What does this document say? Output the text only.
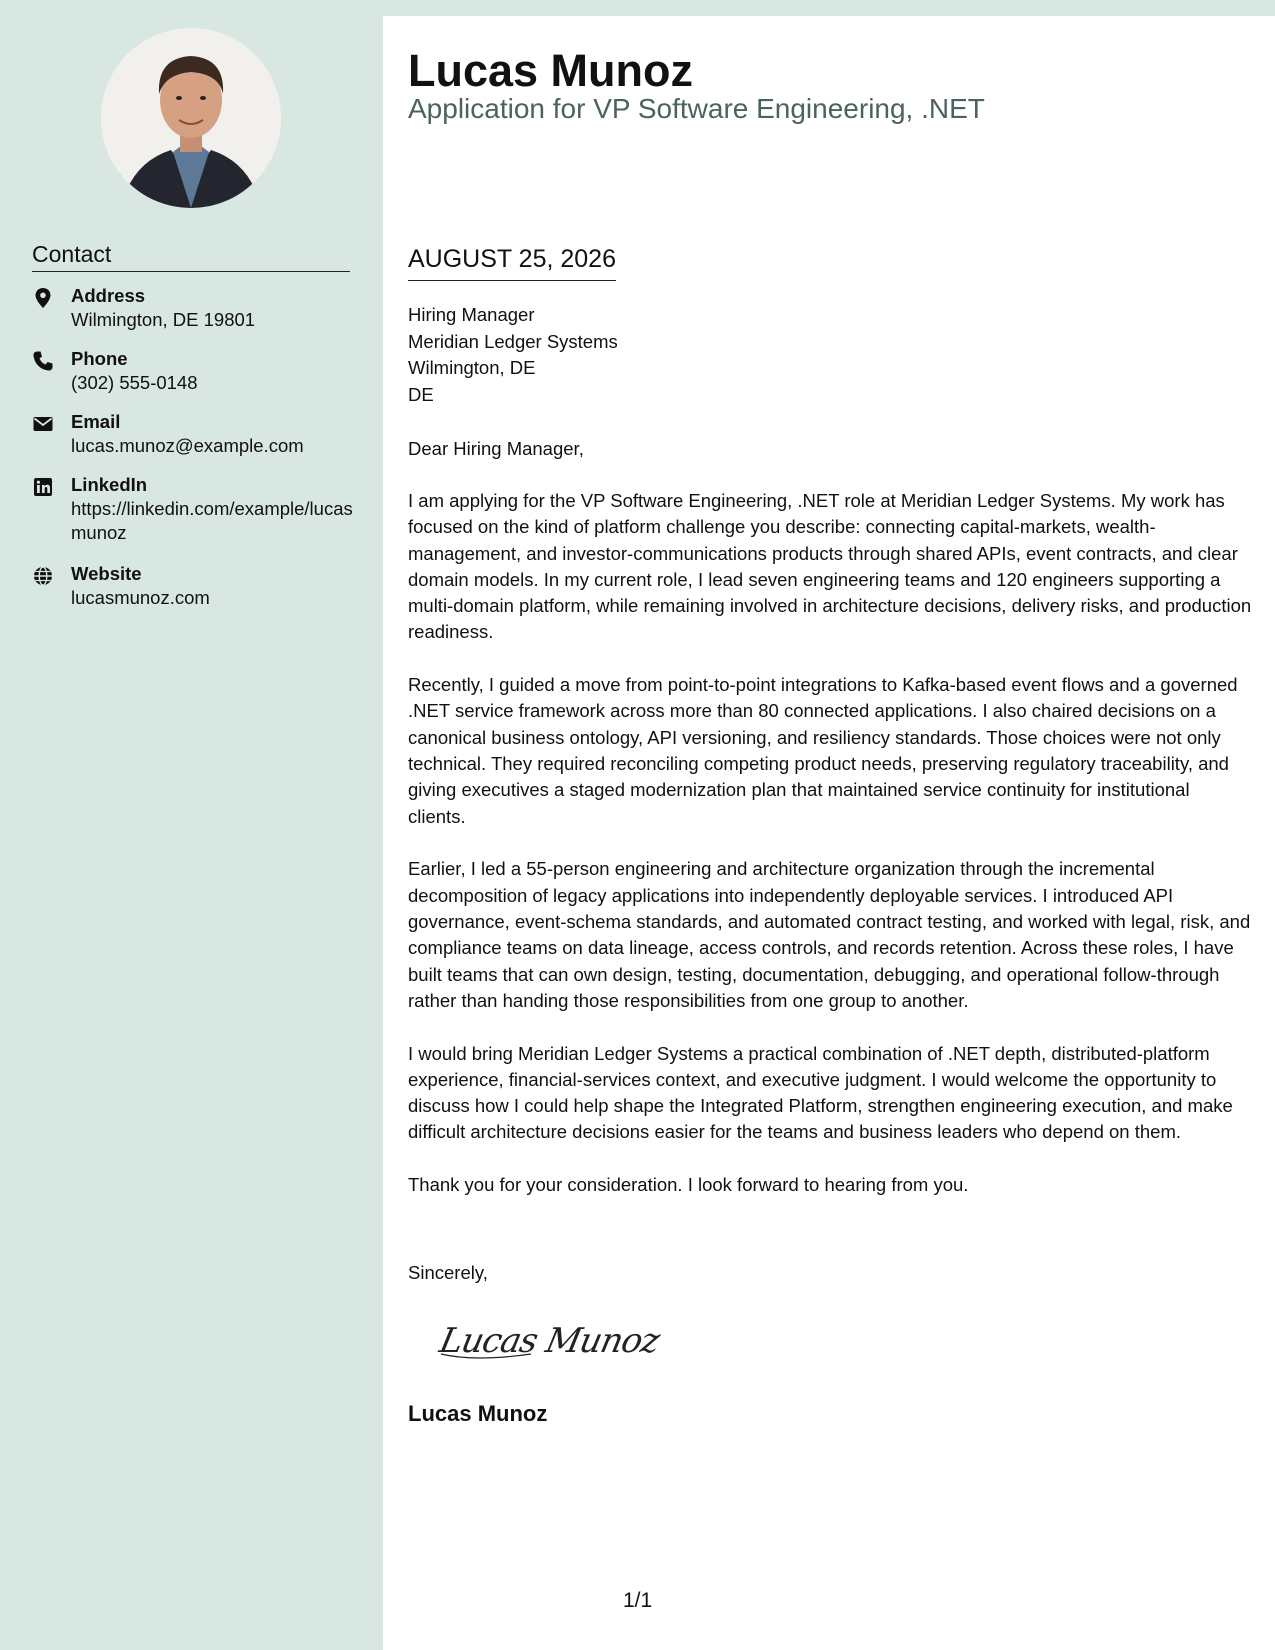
Contact
Address
Wilmington, DE 19801
Phone
(302) 555-0148
Email
lucas.munoz@example.com
LinkedIn
https://linkedin.com/example/lucasmunoz
Website
lucasmunoz.com
Lucas Munoz
Application for VP Software Engineering, .NET
AUGUST 25, 2026
Hiring Manager
Meridian Ledger Systems
Wilmington, DE
DE
Dear Hiring Manager,

I am applying for the VP Software Engineering, .NET role at Meridian Ledger Systems. My work has focused on the kind of platform challenge you describe: connecting capital-markets, wealth-management, and investor-communications products through shared APIs, event contracts, and clear domain models. In my current role, I lead seven engineering teams and 120 engineers supporting a multi-domain platform, while remaining involved in architecture decisions, delivery risks, and production readiness.

Recently, I guided a move from point-to-point integrations to Kafka-based event flows and a governed .NET service framework across more than 80 connected applications. I also chaired decisions on a canonical business ontology, API versioning, and resiliency standards. Those choices were not only technical. They required reconciling competing product needs, preserving regulatory traceability, and giving executives a staged modernization plan that maintained service continuity for institutional clients.

Earlier, I led a 55-person engineering and architecture organization through the incremental decomposition of legacy applications into independently deployable services. I introduced API governance, event-schema standards, and automated contract testing, and worked with legal, risk, and compliance teams on data lineage, access controls, and records retention. Across these roles, I have built teams that can own design, testing, documentation, debugging, and operational follow-through rather than handing those responsibilities from one group to another.

I would bring Meridian Ledger Systems a practical combination of .NET depth, distributed-platform experience, financial-services context, and executive judgment. I would welcome the opportunity to discuss how I could help shape the Integrated Platform, strengthen engineering execution, and make difficult architecture decisions easier for the teams and business leaders who depend on them.

Thank you for your consideration. I look forward to hearing from you.

Sincerely,
Lucas Munoz
Lucas Munoz
1/1
